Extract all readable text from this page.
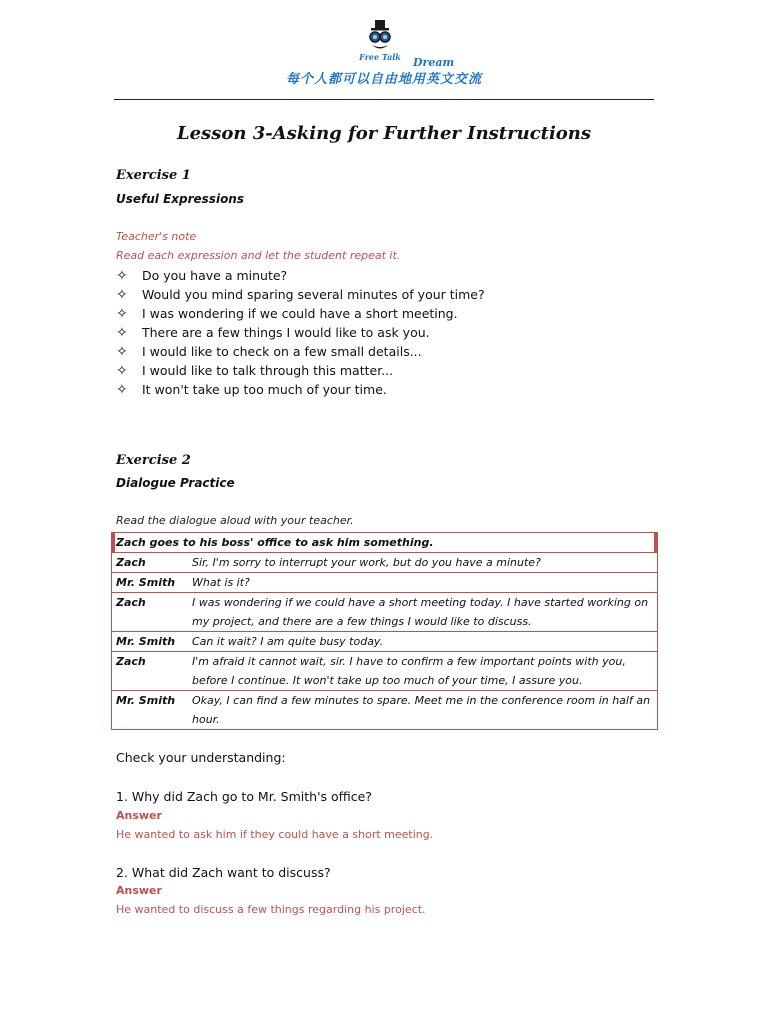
Free Talk Dream
每个人都可以自由地用英文交流
Lesson 3-Asking for Further Instructions
Exercise 1
Useful Expressions
Teacher's note
Read each expression and let the student repeat it.
✧	Do you have a minute?
✧	Would you mind sparing several minutes of your time?
✧	I was wondering if we could have a short meeting.
✧	There are a few things I would like to ask you.
✧	I would like to check on a few small details...
✧	I would like to talk through this matter...
✧	It won't take up too much of your time.
Exercise 2
Dialogue Practice
Read the dialogue aloud with your teacher.
Zach goes to his boss' office to ask him something.
Zach	Sir, I'm sorry to interrupt your work, but do you have a minute?
Mr. Smith	What is it?
Zach	I was wondering if we could have a short meeting today. I have started working on my project, and there are a few things I would like to discuss.
Mr. Smith	Can it wait? I am quite busy today.
Zach	I'm afraid it cannot wait, sir. I have to confirm a few important points with you, before I continue. It won't take up too much of your time, I assure you.
Mr. Smith	Okay, I can find a few minutes to spare. Meet me in the conference room in half an hour.
Check your understanding:
1. Why did Zach go to Mr. Smith's office?
Answer
He wanted to ask him if they could have a short meeting.
2. What did Zach want to discuss?
Answer
He wanted to discuss a few things regarding his project.
